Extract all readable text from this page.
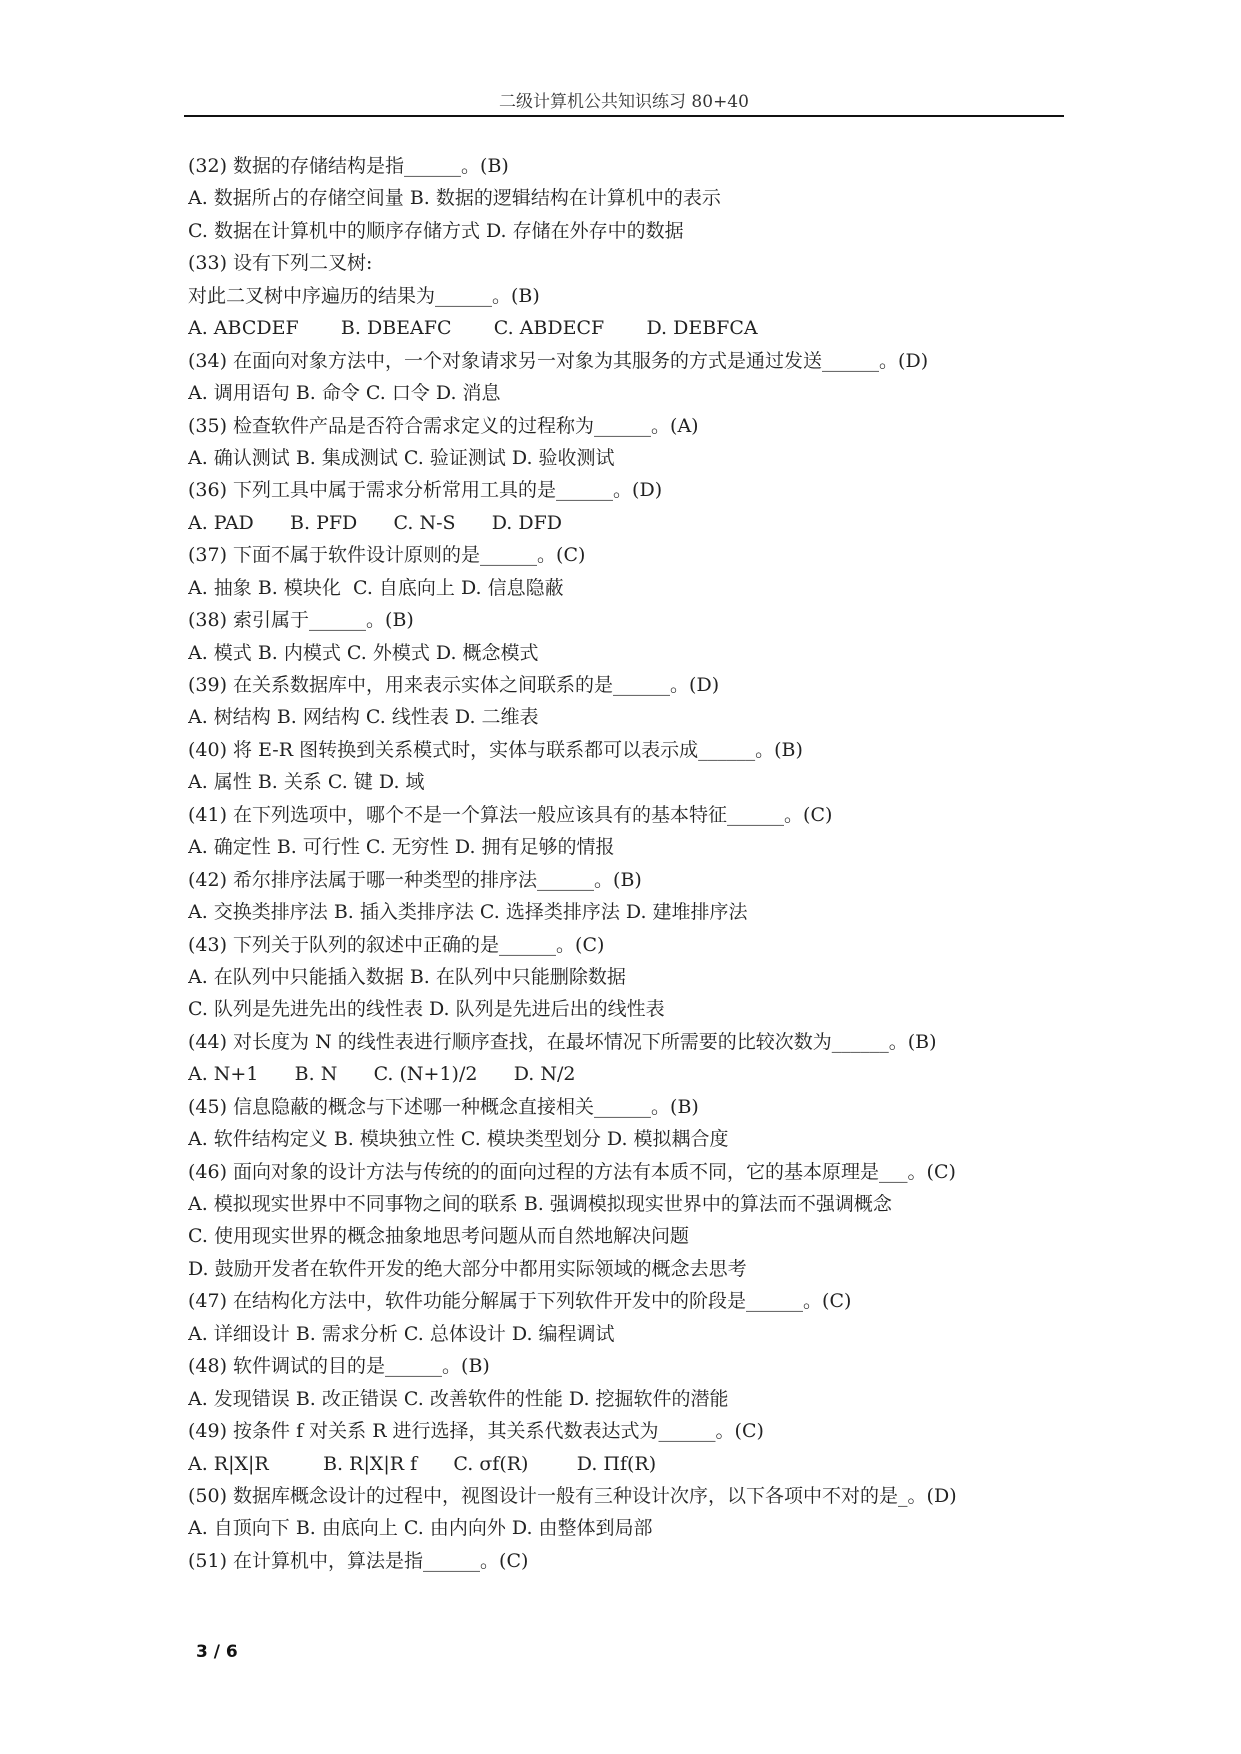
二级计算机公共知识练习 80+40
(32) 数据的存储结构是指______。(B)
A. 数据所占的存储空间量 B. 数据的逻辑结构在计算机中的表示
C. 数据在计算机中的顺序存储方式 D. 存储在外存中的数据
(33) 设有下列二叉树:
对此二叉树中序遍历的结果为______。(B)
A. ABCDEF       B. DBEAFC       C. ABDECF       D. DEBFCA
(34) 在面向对象方法中，一个对象请求另一对象为其服务的方式是通过发送______。(D)
A. 调用语句 B. 命令 C. 口令 D. 消息
(35) 检查软件产品是否符合需求定义的过程称为______。(A)
A. 确认测试 B. 集成测试 C. 验证测试 D. 验收测试
(36) 下列工具中属于需求分析常用工具的是______。(D)
A. PAD      B. PFD      C. N-S      D. DFD
(37) 下面不属于软件设计原则的是______。(C)
A. 抽象 B. 模块化  C. 自底向上 D. 信息隐蔽
(38) 索引属于______。(B)
A. 模式 B. 内模式 C. 外模式 D. 概念模式
(39) 在关系数据库中，用来表示实体之间联系的是______。(D)
A. 树结构 B. 网结构 C. 线性表 D. 二维表
(40) 将 E-R 图转换到关系模式时，实体与联系都可以表示成______。(B)
A. 属性 B. 关系 C. 键 D. 域
(41) 在下列选项中，哪个不是一个算法一般应该具有的基本特征______。(C)
A. 确定性 B. 可行性 C. 无穷性 D. 拥有足够的情报
(42) 希尔排序法属于哪一种类型的排序法______。(B)
A. 交换类排序法 B. 插入类排序法 C. 选择类排序法 D. 建堆排序法
(43) 下列关于队列的叙述中正确的是______。(C)
A. 在队列中只能插入数据 B. 在队列中只能删除数据
C. 队列是先进先出的线性表 D. 队列是先进后出的线性表
(44) 对长度为 N 的线性表进行顺序查找，在最坏情况下所需要的比较次数为______。(B)
A. N+1      B. N      C. (N+1)/2      D. N/2
(45) 信息隐蔽的概念与下述哪一种概念直接相关______。(B)
A. 软件结构定义 B. 模块独立性 C. 模块类型划分 D. 模拟耦合度
(46) 面向对象的设计方法与传统的的面向过程的方法有本质不同，它的基本原理是___。(C)
A. 模拟现实世界中不同事物之间的联系 B. 强调模拟现实世界中的算法而不强调概念
C. 使用现实世界的概念抽象地思考问题从而自然地解决问题
D. 鼓励开发者在软件开发的绝大部分中都用实际领域的概念去思考
(47) 在结构化方法中，软件功能分解属于下列软件开发中的阶段是______。(C)
A. 详细设计 B. 需求分析 C. 总体设计 D. 编程调试
(48) 软件调试的目的是______。(B)
A. 发现错误 B. 改正错误 C. 改善软件的性能 D. 挖掘软件的潜能
(49) 按条件 f 对关系 R 进行选择，其关系代数表达式为______。(C)
A. R|X|R         B. R|X|R f      C. σf(R)        D. Πf(R)
(50) 数据库概念设计的过程中，视图设计一般有三种设计次序，以下各项中不对的是_。(D)
A. 自顶向下 B. 由底向上 C. 由内向外 D. 由整体到局部
(51) 在计算机中，算法是指______。(C)
3 / 6
